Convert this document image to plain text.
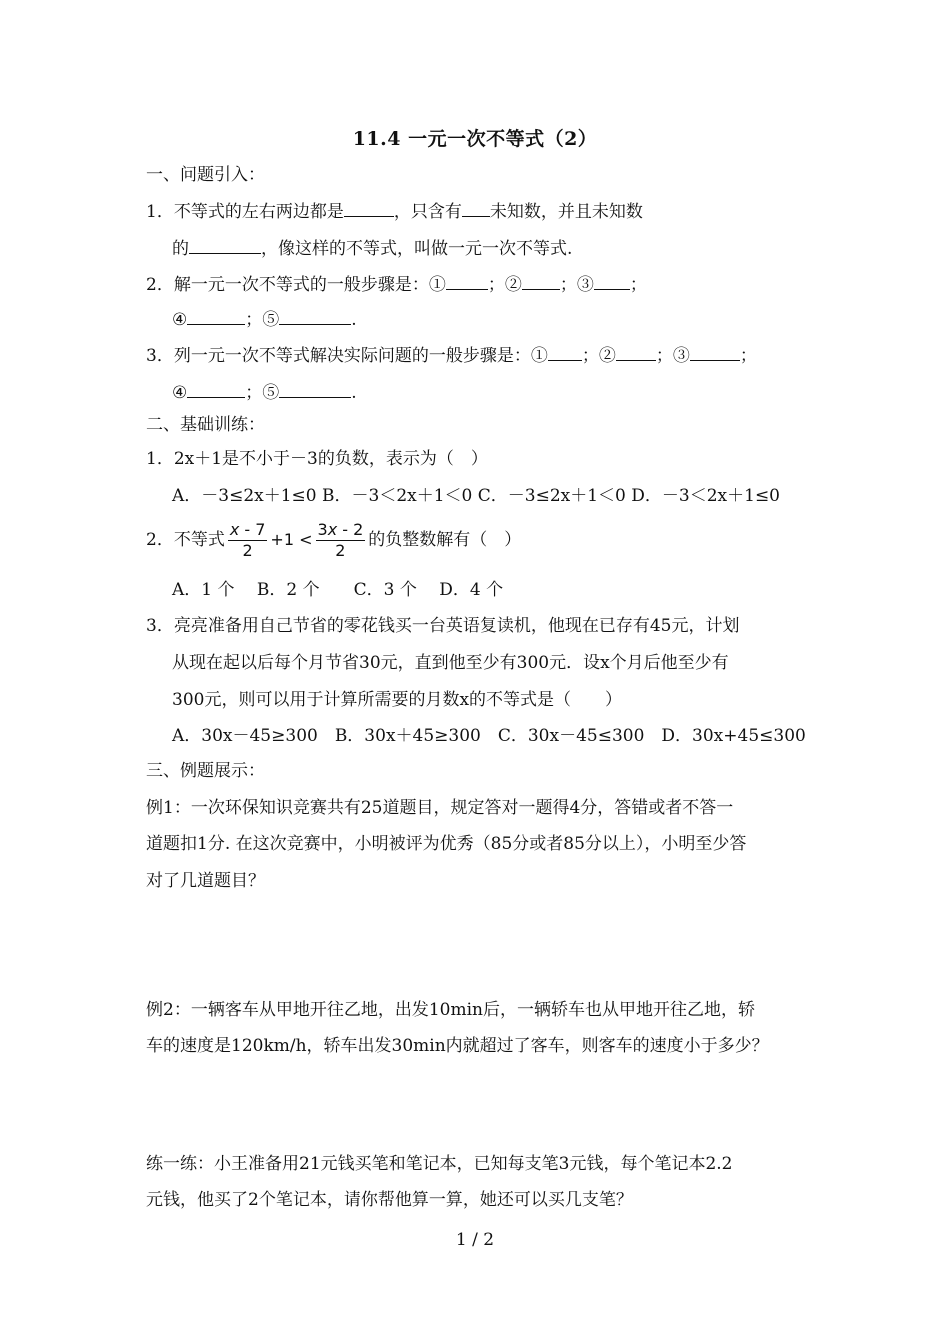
11.4 一元一次不等式（2）
一、问题引入：
1．不等式的左右两边都是	，只含有 未知数，并且未知数
的	，像这样的不等式，叫做一元一次不等式.
2．解一元一次不等式的一般步骤是：① ；② ；③ ；
④	；⑤	.
3．列一元一次不等式解决实际问题的一般步骤是：① ；② ；③	；
④	；⑤	.
二、基础训练：
1．2x＋1是不小于－3的负数，表示为（　）
A．－3≤2x＋1≤0 B．－3＜2x＋1＜0 C．－3≤2x＋1＜0 D．－3＜2x＋1≤0
2．不等式 $\frac{x - 7}{2} +1 < \frac{3x - 2}{2}$ 的负整数解有（　）
A．1 个　 B．2 个　　C．3 个　 D．4 个
3．亮亮准备用自己节省的零花钱买一台英语复读机，他现在已存有45元，计划
从现在起以后每个月节省30元，直到他至少有300元．设x个月后他至少有
300元，则可以用于计算所需要的月数x的不等式是（　　）
A．30x－45≥300　B．30x＋45≥300　C．30x－45≤300　D．30x+45≤300
三、例题展示：
例1：一次环保知识竞赛共有25道题目，规定答对一题得4分，答错或者不答一
道题扣1分. 在这次竞赛中，小明被评为优秀（85分或者85分以上），小明至少答
对了几道题目？
例2：一辆客车从甲地开往乙地，出发10min后，一辆轿车也从甲地开往乙地，轿
车的速度是120km/h，轿车出发30min内就超过了客车，则客车的速度小于多少？
练一练：小王准备用21元钱买笔和笔记本，已知每支笔3元钱，每个笔记本2.2
元钱，他买了2个笔记本，请你帮他算一算，她还可以买几支笔？
1 / 2
